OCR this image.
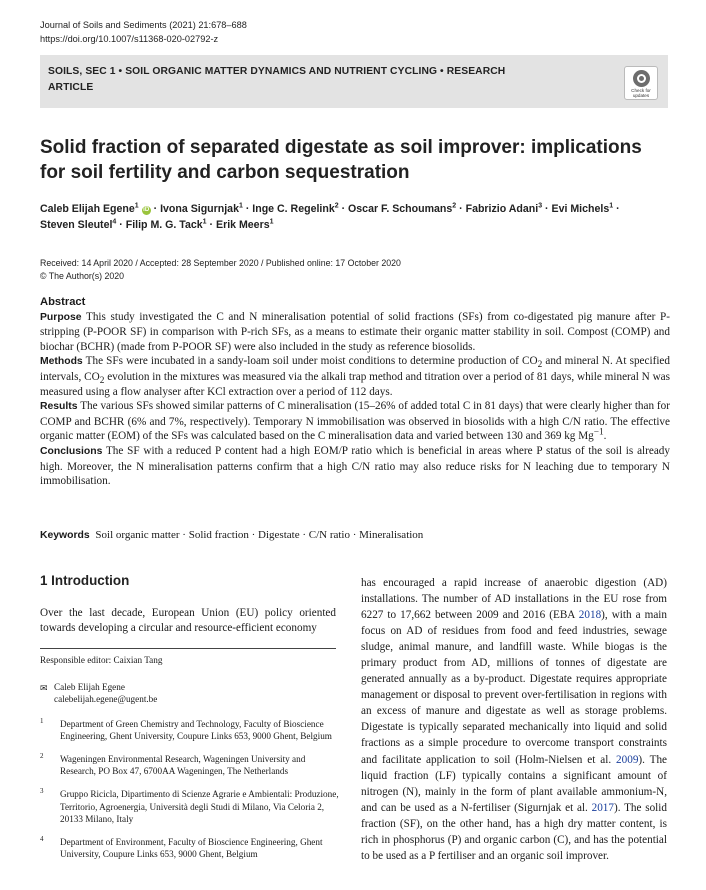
Journal of Soils and Sediments (2021) 21:678–688
https://doi.org/10.1007/s11368-020-02792-z
SOILS, SEC 1 • SOIL ORGANIC MATTER DYNAMICS AND NUTRIENT CYCLING • RESEARCH ARTICLE	Check for updates
Solid fraction of separated digestate as soil improver: implications for soil fertility and carbon sequestration
Caleb Elijah Egene$^1$ iD · Ivona Sigurnjak$^1$ · Inge C. Regelink$^2$ · Oscar F. Schoumans$^2$ · Fabrizio Adani$^3$ · Evi Michels$^1$ ·
Steven Sleutel$^4$ · Filip M. G. Tack$^1$ · Erik Meers$^1$
Received: 14 April 2020 / Accepted: 28 September 2020 / Published online: 17 October 2020
© The Author(s) 2020
Abstract

Purpose This study investigated the C and N mineralisation potential of solid fractions (SFs) from co-digestated pig manure after P-stripping (P-POOR SF) in comparison with P-rich SFs, as a means to estimate their organic matter stability in soil. Compost (COMP) and biochar (BCHR) (made from P-POOR SF) were also included in the study as reference biosolids.

Methods The SFs were incubated in a sandy-loam soil under moist conditions to determine production of $CO_2$ and mineral N. At specified intervals, $CO_2$ evolution in the mixtures was measured via the alkali trap method and titration over a period of 81 days, while mineral N was measured using a flow analyser after KCl extraction over a period of 112 days.

Results The various SFs showed similar patterns of C mineralisation (15–26% of added total C in 81 days) that were clearly higher than for COMP and BCHR (6% and 7%, respectively). Temporary N immobilisation was observed in biosolids with a high C/N ratio. The effective organic matter (EOM) of the SFs was calculated based on the C mineralisation data and varied between 130 and 369 kg $Mg^{-1}$.

Conclusions The SF with a reduced P content had a high EOM/P ratio which is beneficial in areas where P status of the soil is already high. Moreover, the N mineralisation patterns confirm that a high C/N ratio may also reduce risks for N leaching due to temporary N immobilisation.

Keywords Soil organic matter · Solid fraction · Digestate · C/N ratio · Mineralisation
1 Introduction
Over the last decade, European Union (EU) policy oriented towards developing a circular and resource-efficient economy
Responsible editor: Caixian Tang
✉ Caleb Elijah Egene
calebelijah.egene@ugent.be
1 Department of Green Chemistry and Technology, Faculty of Bioscience Engineering, Ghent University, Coupure Links 653, 9000 Ghent, Belgium
2 Wageningen Environmental Research, Wageningen University and Research, PO Box 47, 6700AA Wageningen, The Netherlands
3 Gruppo Ricicla, Dipartimento di Scienze Agrarie e Ambientali: Produzione, Territorio, Agroenergia, Università degli Studi di Milano, Via Celoria 2, 20133 Milano, Italy
4 Department of Environment, Faculty of Bioscience Engineering, Ghent University, Coupure Links 653, 9000 Ghent, Belgium
has encouraged a rapid increase of anaerobic digestion (AD) installations. The number of AD installations in the EU rose from 6227 to 17,662 between 2009 and 2016 (EBA 2018), with a main focus on AD of residues from food and feed industries, sewage sludge, animal manure, and landfill waste. While biogas is the primary product from AD, millions of tonnes of digestate are generated annually as a by-product. Digestate requires appropriate management or disposal to prevent over-fertilisation in regions with an excess of manure and digestate as well as storage problems. Digestate is typically separated mechanically into liquid and solid fractions as a simple procedure to overcome transport constraints and facilitate application to soil (Holm-Nielsen et al. 2009). The liquid fraction (LF) typically contains a significant amount of nitrogen (N), mainly in the form of plant available ammonium-N, and can be used as a N-fertiliser (Sigurnjak et al. 2017). The solid fraction (SF), on the other hand, has a high dry matter content, is rich in phosphorus (P) and organic carbon (C), and has the potential to be used as a P fertiliser and an organic soil improver.
